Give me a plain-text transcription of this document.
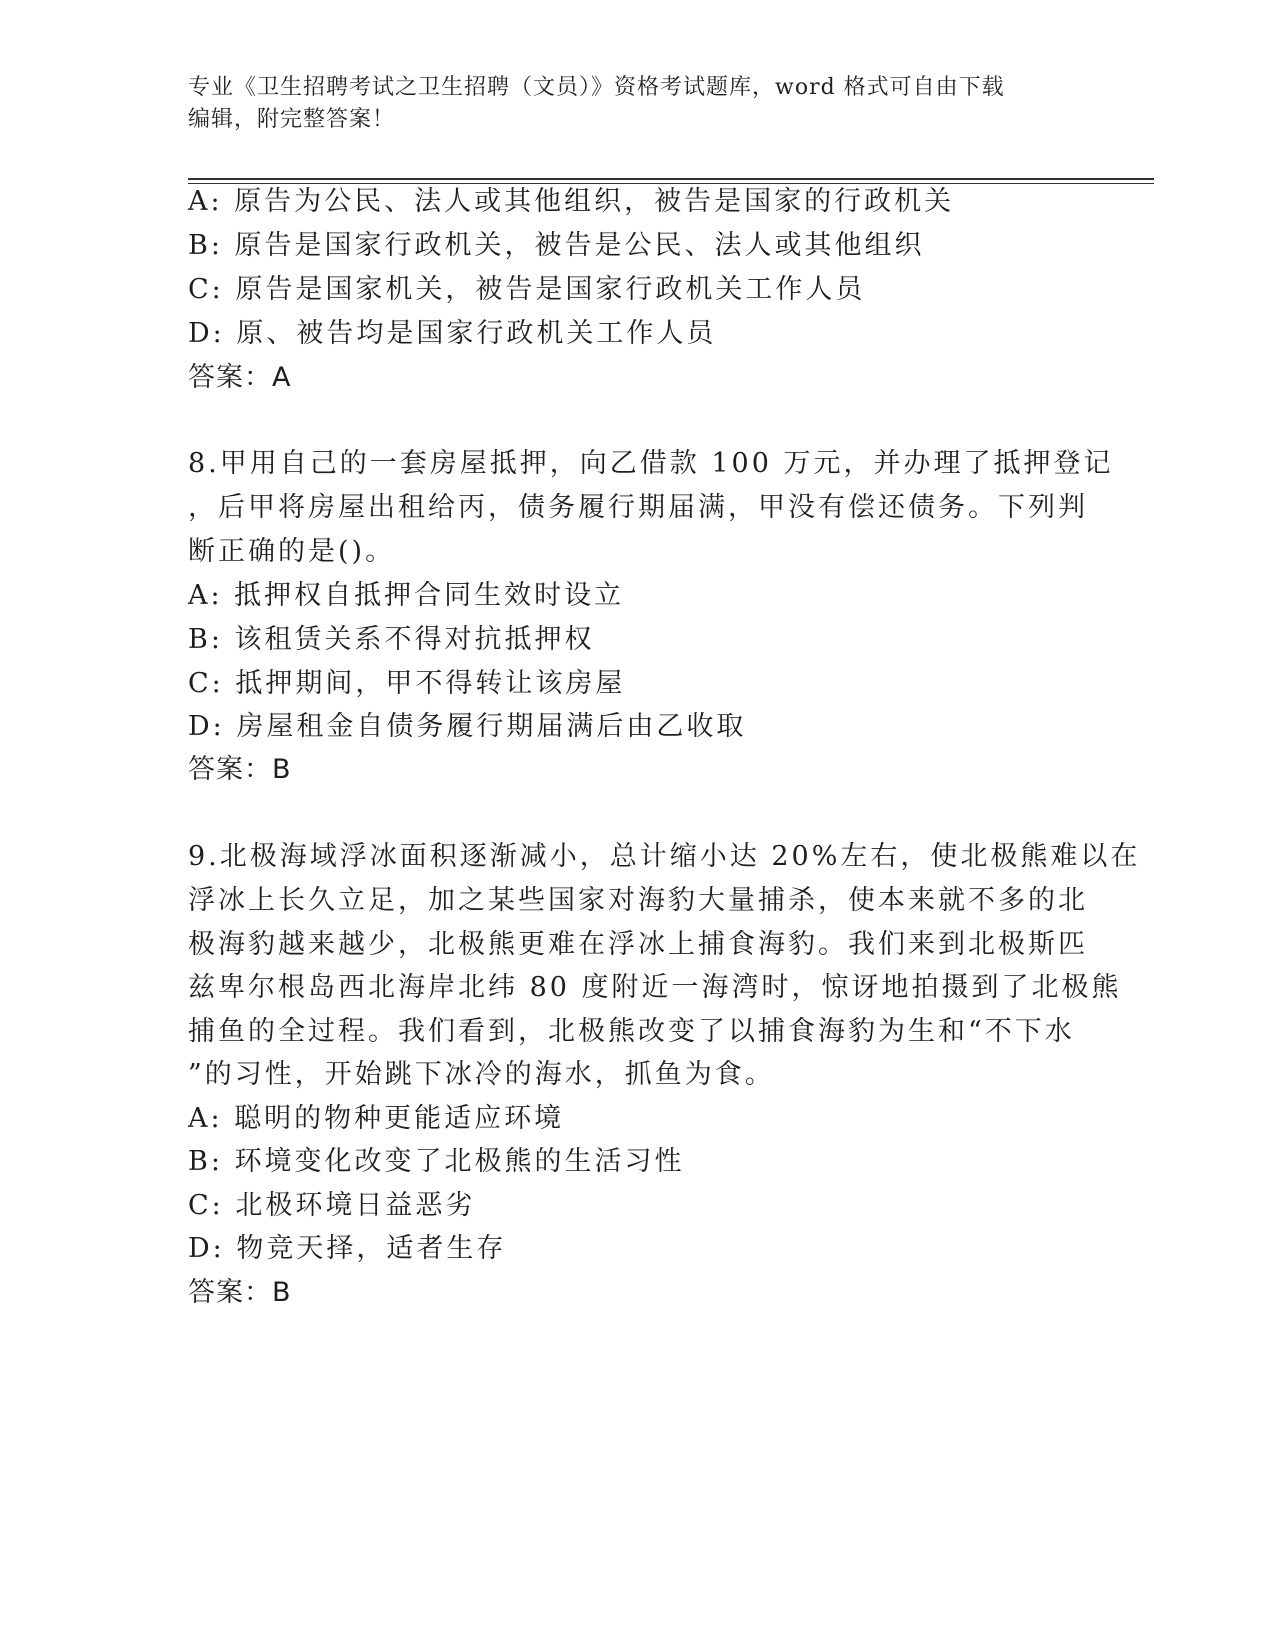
专业《卫生招聘考试之卫生招聘（文员）》资格考试题库，word 格式可自由下载
编辑，附完整答案！
A: 原告为公民、法人或其他组织，被告是国家的行政机关
B: 原告是国家行政机关，被告是公民、法人或其他组织
C: 原告是国家机关，被告是国家行政机关工作人员
D: 原、被告均是国家行政机关工作人员
答案：A
8.甲用自己的一套房屋抵押，向乙借款 100 万元，并办理了抵押登记
，后甲将房屋出租给丙，债务履行期届满，甲没有偿还债务。下列判
断正确的是()。
A: 抵押权自抵押合同生效时设立
B: 该租赁关系不得对抗抵押权
C: 抵押期间，甲不得转让该房屋
D: 房屋租金自债务履行期届满后由乙收取
答案：B
9.北极海域浮冰面积逐渐减小，总计缩小达 20%左右，使北极熊难以在
浮冰上长久立足，加之某些国家对海豹大量捕杀，使本来就不多的北
极海豹越来越少，北极熊更难在浮冰上捕食海豹。我们来到北极斯匹
兹卑尔根岛西北海岸北纬 80 度附近一海湾时，惊讶地拍摄到了北极熊
捕鱼的全过程。我们看到，北极熊改变了以捕食海豹为生和“不下水
”的习性，开始跳下冰冷的海水，抓鱼为食。
A: 聪明的物种更能适应环境
B: 环境变化改变了北极熊的生活习性
C: 北极环境日益恶劣
D: 物竞天择，适者生存
答案：B
